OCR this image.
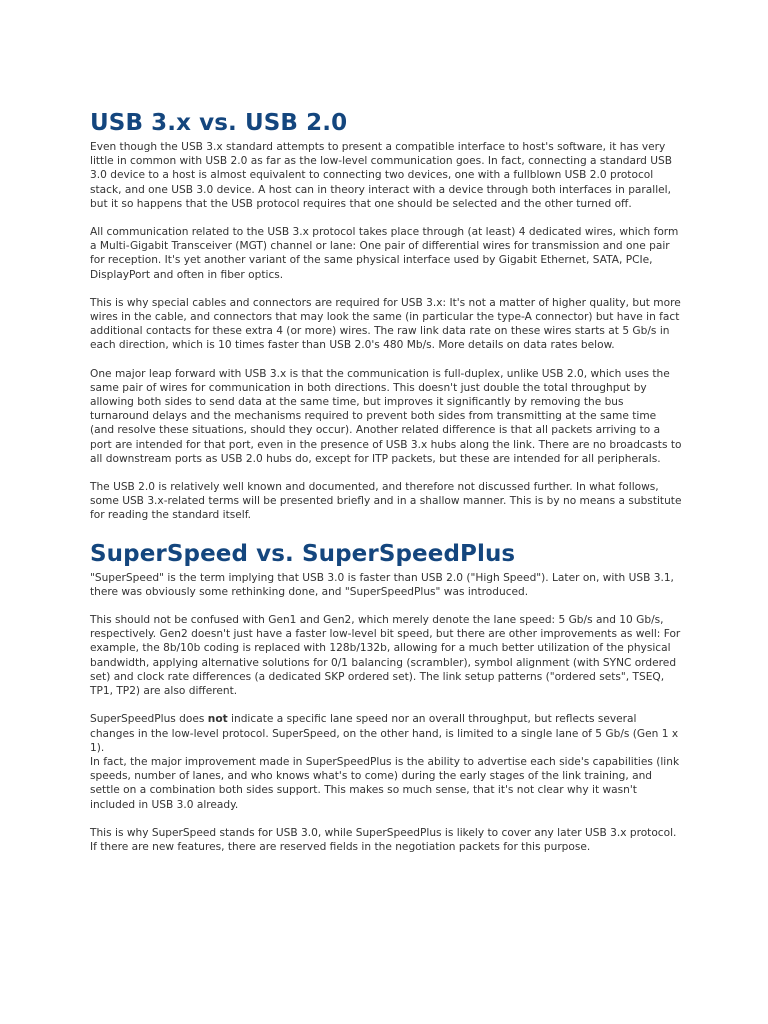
USB 3.x vs. USB 2.0

Even though the USB 3.x standard attempts to present a compatible interface to host's software, it has very little in common with USB 2.0 as far as the low-level communication goes. In fact, connecting a standard USB 3.0 device to a host is almost equivalent to connecting two devices, one with a fullblown USB 2.0 protocol stack, and one USB 3.0 device. A host can in theory interact with a device through both interfaces in parallel, but it so happens that the USB protocol requires that one should be selected and the other turned off.

All communication related to the USB 3.x protocol takes place through (at least) 4 dedicated wires, which form a Multi-Gigabit Transceiver (MGT) channel or lane: One pair of differential wires for transmission and one pair for reception. It's yet another variant of the same physical interface used by Gigabit Ethernet, SATA, PCIe, DisplayPort and often in fiber optics.

This is why special cables and connectors are required for USB 3.x: It's not a matter of higher quality, but more wires in the cable, and connectors that may look the same (in particular the type-A connector) but have in fact additional contacts for these extra 4 (or more) wires. The raw link data rate on these wires starts at 5 Gb/s in each direction, which is 10 times faster than USB 2.0's 480 Mb/s. More details on data rates below.

One major leap forward with USB 3.x is that the communication is full-duplex, unlike USB 2.0, which uses the same pair of wires for communication in both directions. This doesn't just double the total throughput by allowing both sides to send data at the same time, but improves it significantly by removing the bus turnaround delays and the mechanisms required to prevent both sides from transmitting at the same time (and resolve these situations, should they occur). Another related difference is that all packets arriving to a port are intended for that port, even in the presence of USB 3.x hubs along the link. There are no broadcasts to all downstream ports as USB 2.0 hubs do, except for ITP packets, but these are intended for all peripherals.

The USB 2.0 is relatively well known and documented, and therefore not discussed further. In what follows, some USB 3.x-related terms will be presented briefly and in a shallow manner. This is by no means a substitute for reading the standard itself.

SuperSpeed vs. SuperSpeedPlus

"SuperSpeed" is the term implying that USB 3.0 is faster than USB 2.0 ("High Speed"). Later on, with USB 3.1, there was obviously some rethinking done, and "SuperSpeedPlus" was introduced.

This should not be confused with Gen1 and Gen2, which merely denote the lane speed: 5 Gb/s and 10 Gb/s, respectively. Gen2 doesn't just have a faster low-level bit speed, but there are other improvements as well: For example, the 8b/10b coding is replaced with 128b/132b, allowing for a much better utilization of the physical bandwidth, applying alternative solutions for 0/1 balancing (scrambler), symbol alignment (with SYNC ordered set) and clock rate differences (a dedicated SKP ordered set). The link setup patterns ("ordered sets", TSEQ, TP1, TP2) are also different.

SuperSpeedPlus does not indicate a specific lane speed nor an overall throughput, but reflects several changes in the low-level protocol. SuperSpeed, on the other hand, is limited to a single lane of 5 Gb/s (Gen 1 x 1).

In fact, the major improvement made in SuperSpeedPlus is the ability to advertise each side's capabilities (link speeds, number of lanes, and who knows what's to come) during the early stages of the link training, and settle on a combination both sides support. This makes so much sense, that it's not clear why it wasn't included in USB 3.0 already.

This is why SuperSpeed stands for USB 3.0, while SuperSpeedPlus is likely to cover any later USB 3.x protocol. If there are new features, there are reserved fields in the negotiation packets for this purpose.
